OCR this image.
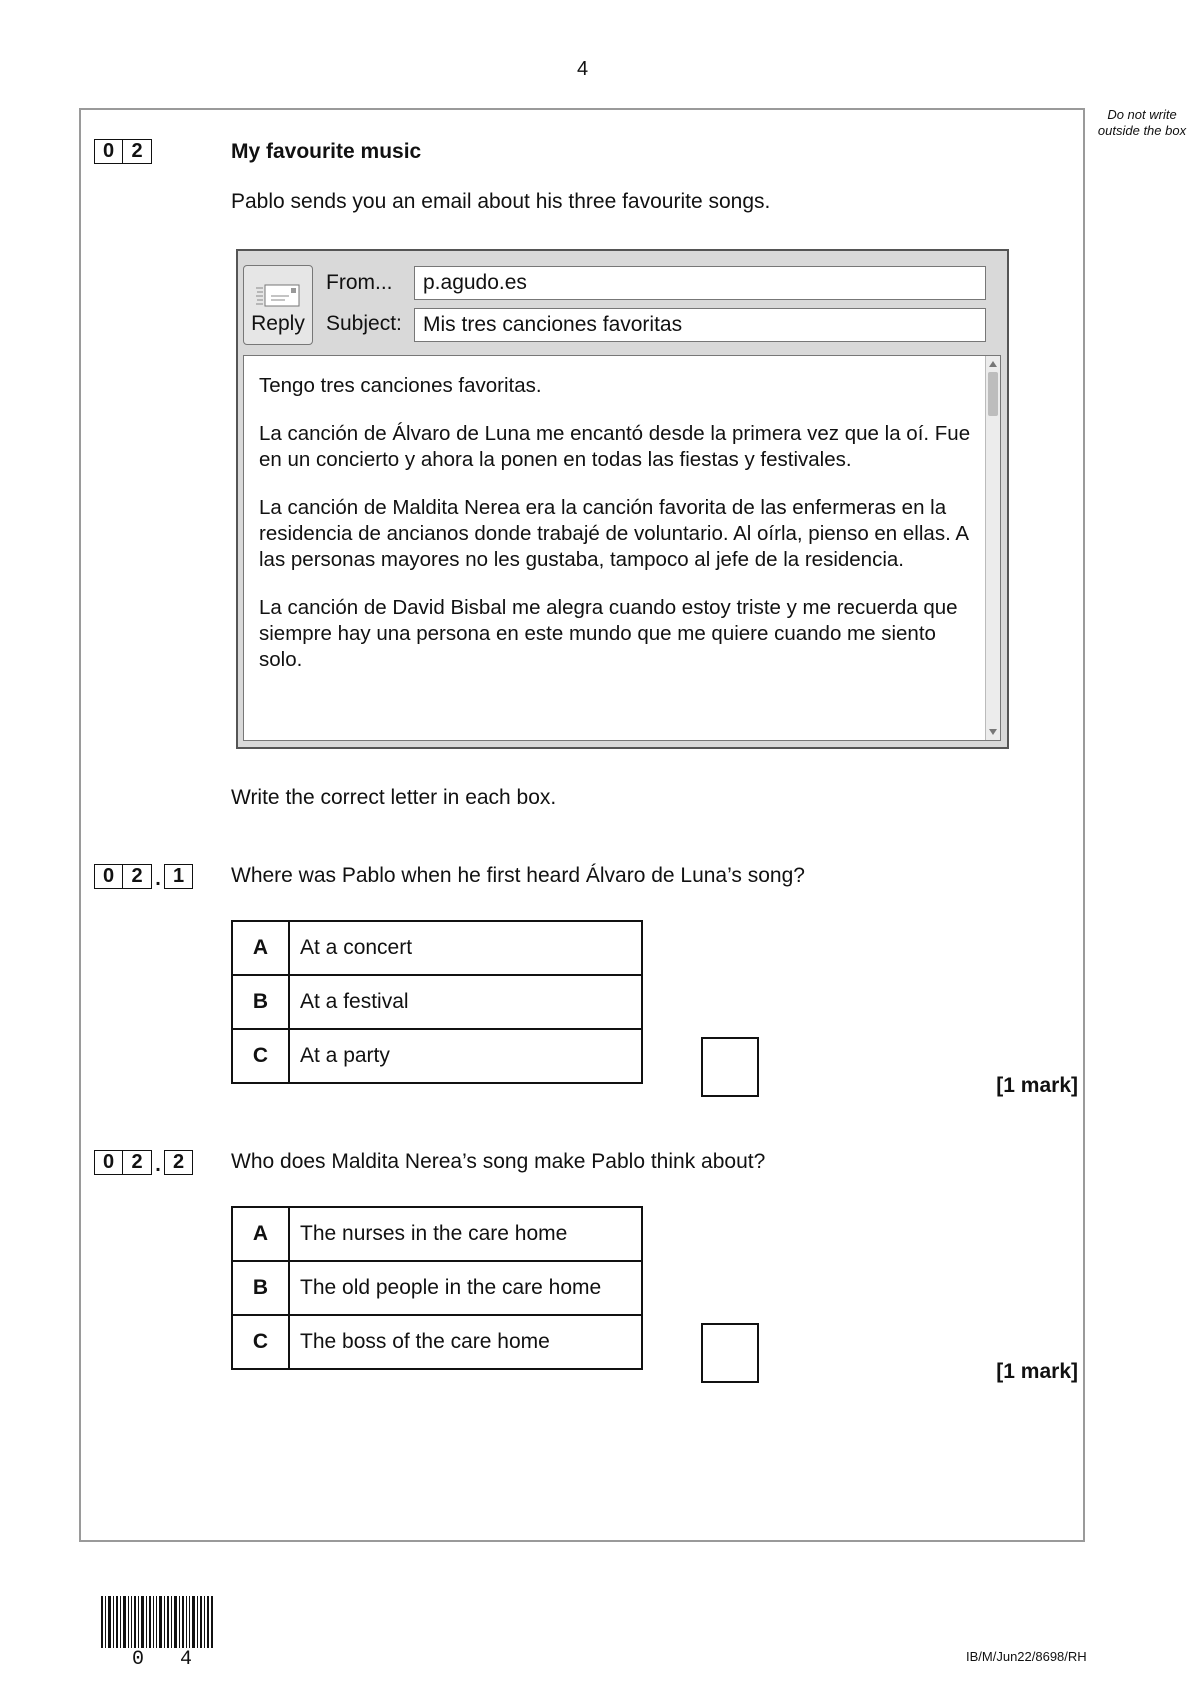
4
Do not write outside the box
0 2	My favourite music
Pablo sends you an email about his three favourite songs.
Reply
From...	p.agudo.es
Subject:	Mis tres canciones favoritas

Tengo tres canciones favoritas.

La canción de Álvaro de Luna me encantó desde la primera vez que la oí. Fue en un concierto y ahora la ponen en todas las fiestas y festivales.

La canción de Maldita Nerea era la canción favorita de las enfermeras en la residencia de ancianos donde trabajé de voluntario. Al oírla, pienso en ellas. A las personas mayores no les gustaba, tampoco al jefe de la residencia.

La canción de David Bisbal me alegra cuando estoy triste y me recuerda que siempre hay una persona en este mundo que me quiere cuando me siento solo.

Write the correct letter in each box.
0 2 . 1	Where was Pablo when he first heard Álvaro de Luna’s song?
A	At a concert
B	At a festival
C	At a party
[1 mark]
0 2 . 2	Who does Maldita Nerea’s song make Pablo think about?
A	The nurses in the care home
B	The old people in the care home
C	The boss of the care home
[1 mark]
0 4	IB/M/Jun22/8698/RH
